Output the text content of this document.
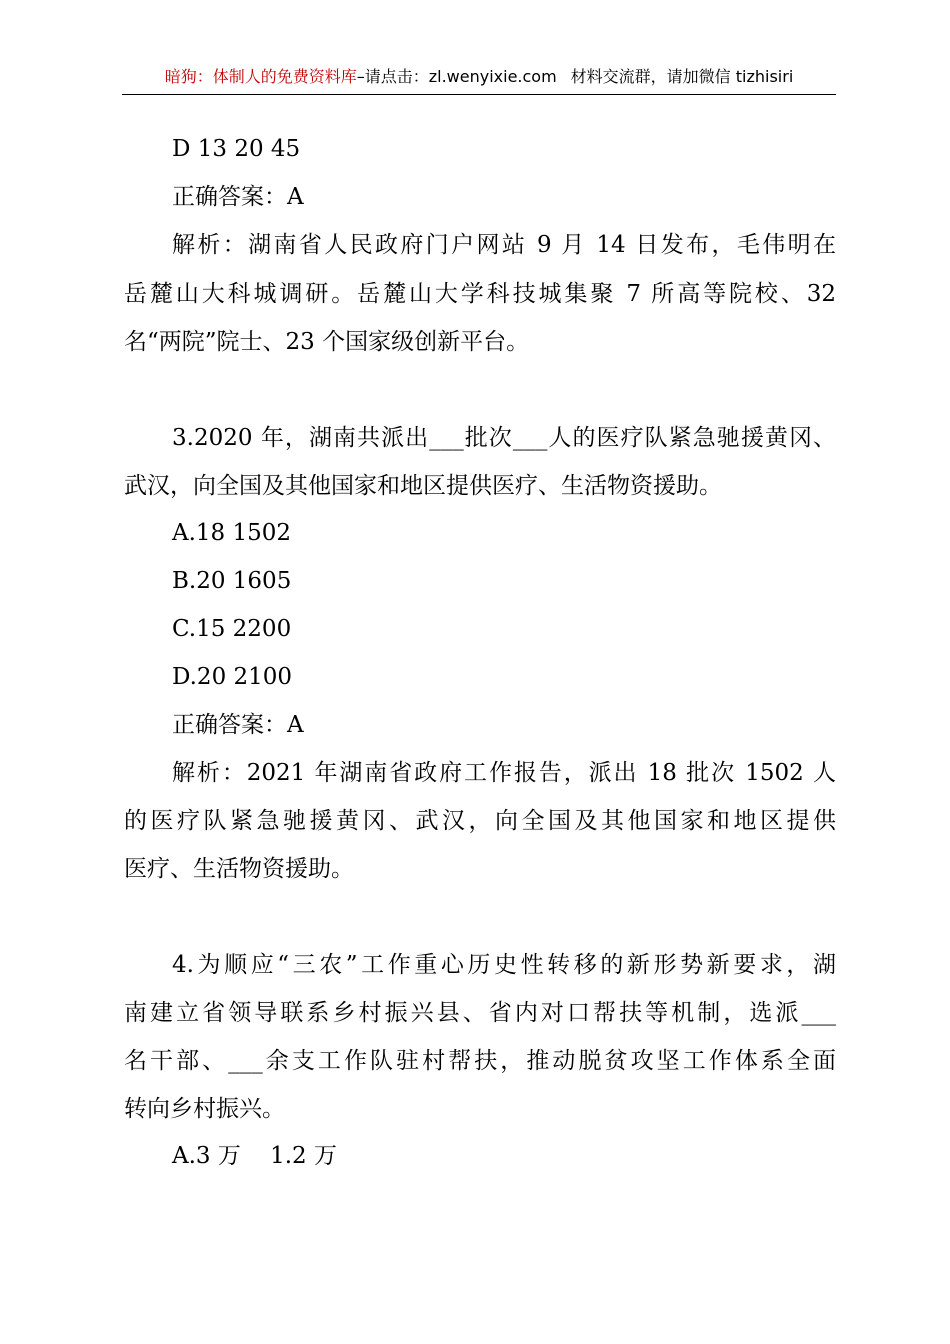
暗狗：体制人的免费资料库–请点击：zl.wenyixie.com 材料交流群，请加微信 tizhisiri

D 13 20 45

正确答案：A

解析：湖南省人民政府门户网站 9 月 14 日发布，毛伟明在

岳麓山大科城调研。岳麓山大学科技城集聚 7 所高等院校、32

名“两院”院士、23 个国家级创新平台。

3.2020 年，湖南共派出___批次___人的医疗队紧急驰援黄冈、

武汉，向全国及其他国家和地区提供医疗、生活物资援助。

A.18 1502

B.20 1605

C.15 2200

D.20 2100

正确答案：A

解析：2021 年湖南省政府工作报告，派出 18 批次 1502 人

的医疗队紧急驰援黄冈、武汉，向全国及其他国家和地区提供

医疗、生活物资援助。

4.为顺应“三农”工作重心历史性转移的新形势新要求，湖

南建立省领导联系乡村振兴县、省内对口帮扶等机制，选派___

名干部、___余支工作队驻村帮扶，推动脱贫攻坚工作体系全面

转向乡村振兴。

A.3 万    1.2 万
